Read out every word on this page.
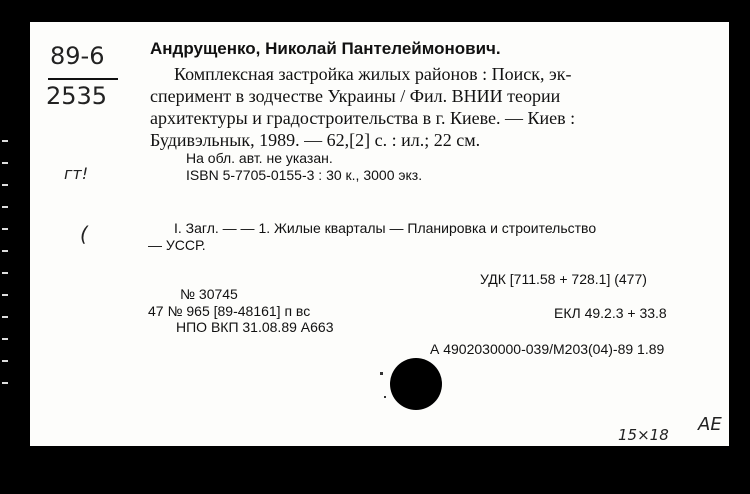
89-6
2535
гт!
(
Андрущенко, Николай Пантелеймонович.
Комплексная застройка жилых районов : Поиск, эк-
сперимент в зодчестве Украины / Фил. ВНИИ теории
архитектуры и градостроительства в г. Киеве. — Киев :
Будивэльнык, 1989. — 62,[2] с. : ил.; 22 см.
На обл. авт. не указан.
ISBN 5-7705-0155-3 : 30 к., 3000 экз.
I. Загл. — — 1. Жилые кварталы — Планировка и строительство
— УССР.
УДК [711.58 + 728.1] (477)
ЕКЛ 49.2.3 + 33.8
А 4902030000-039/М203(04)-89 1.89
№ 30745
47 № 965 [89-48161] п вс
НПО ВКП 31.08.89 А663
15×18 АЕ
